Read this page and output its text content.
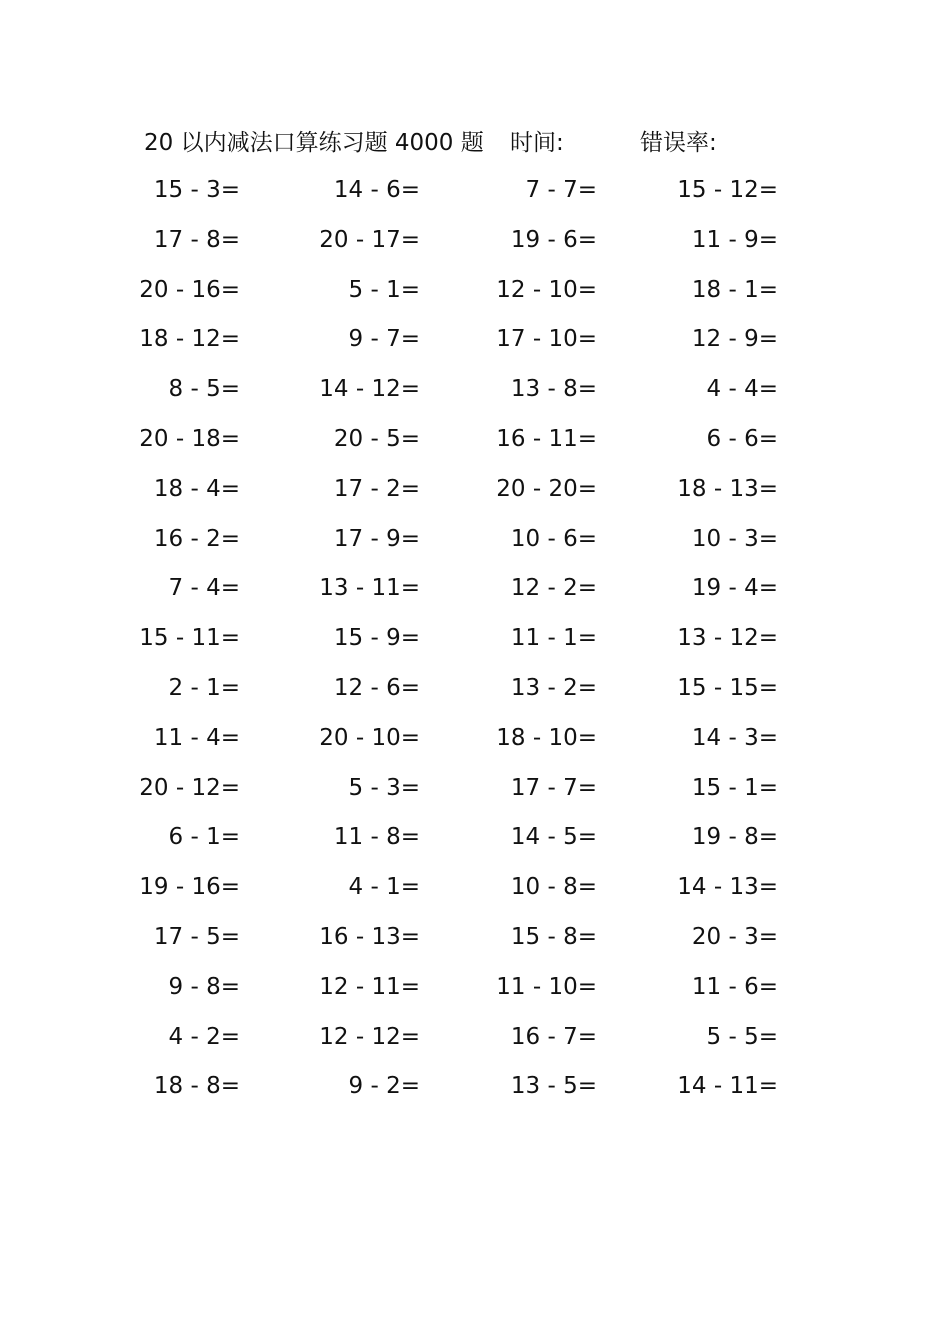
20 以内减法口算练习题 4000 题 时间:	错误率:
15 - 3=	14 - 6=	7 - 7=	15 - 12=
17 - 8=	20 - 17=	19 - 6=	11 - 9=
20 - 16=	5 - 1=	12 - 10=	18 - 1=
18 - 12=	9 - 7=	17 - 10=	12 - 9=
8 - 5=	14 - 12=	13 - 8=	4 - 4=
20 - 18=	20 - 5=	16 - 11=	6 - 6=
18 - 4=	17 - 2=	20 - 20=	18 - 13=
16 - 2=	17 - 9=	10 - 6=	10 - 3=
7 - 4=	13 - 11=	12 - 2=	19 - 4=
15 - 11=	15 - 9=	11 - 1=	13 - 12=
2 - 1=	12 - 6=	13 - 2=	15 - 15=
11 - 4=	20 - 10=	18 - 10=	14 - 3=
20 - 12=	5 - 3=	17 - 7=	15 - 1=
6 - 1=	11 - 8=	14 - 5=	19 - 8=
19 - 16=	4 - 1=	10 - 8=	14 - 13=
17 - 5=	16 - 13=	15 - 8=	20 - 3=
9 - 8=	12 - 11=	11 - 10=	11 - 6=
4 - 2=	12 - 12=	16 - 7=	5 - 5=
18 - 8=	9 - 2=	13 - 5=	14 - 11=
